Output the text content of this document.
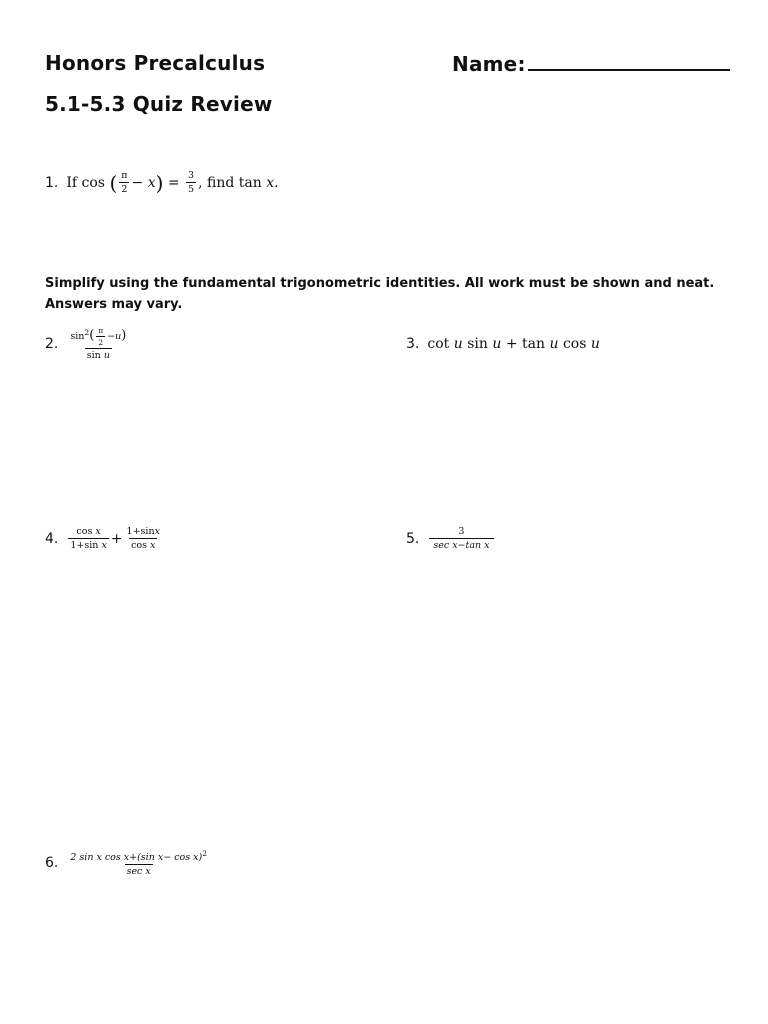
Honors Precalculus	Name:
5.1-5.3 Quiz Review
1. If
cos
( $\frac{\pi}{2} - x$ )
=
$\frac{3}{5}$ , find
tan
x.
Simplify using the fundamental trigonometric identities. All work must be shown and neat.
Answers may vary.
2. $\frac{\sin^2( \frac{\pi}{2} -u)}{\text{sin u}}$	3. cot
u
sin
u
+
tan
u
cos
u
4. $\frac{\text{cos x}}{\text{1+sin x}} + \frac{1+\sin x}{\text{cos x}}$	5. $\frac{3}{\text{sec x−tan x}}$
6. $\frac{2 \sin x \cos x+(\sin x- \cos x)^2}{\text{sec x}}$
